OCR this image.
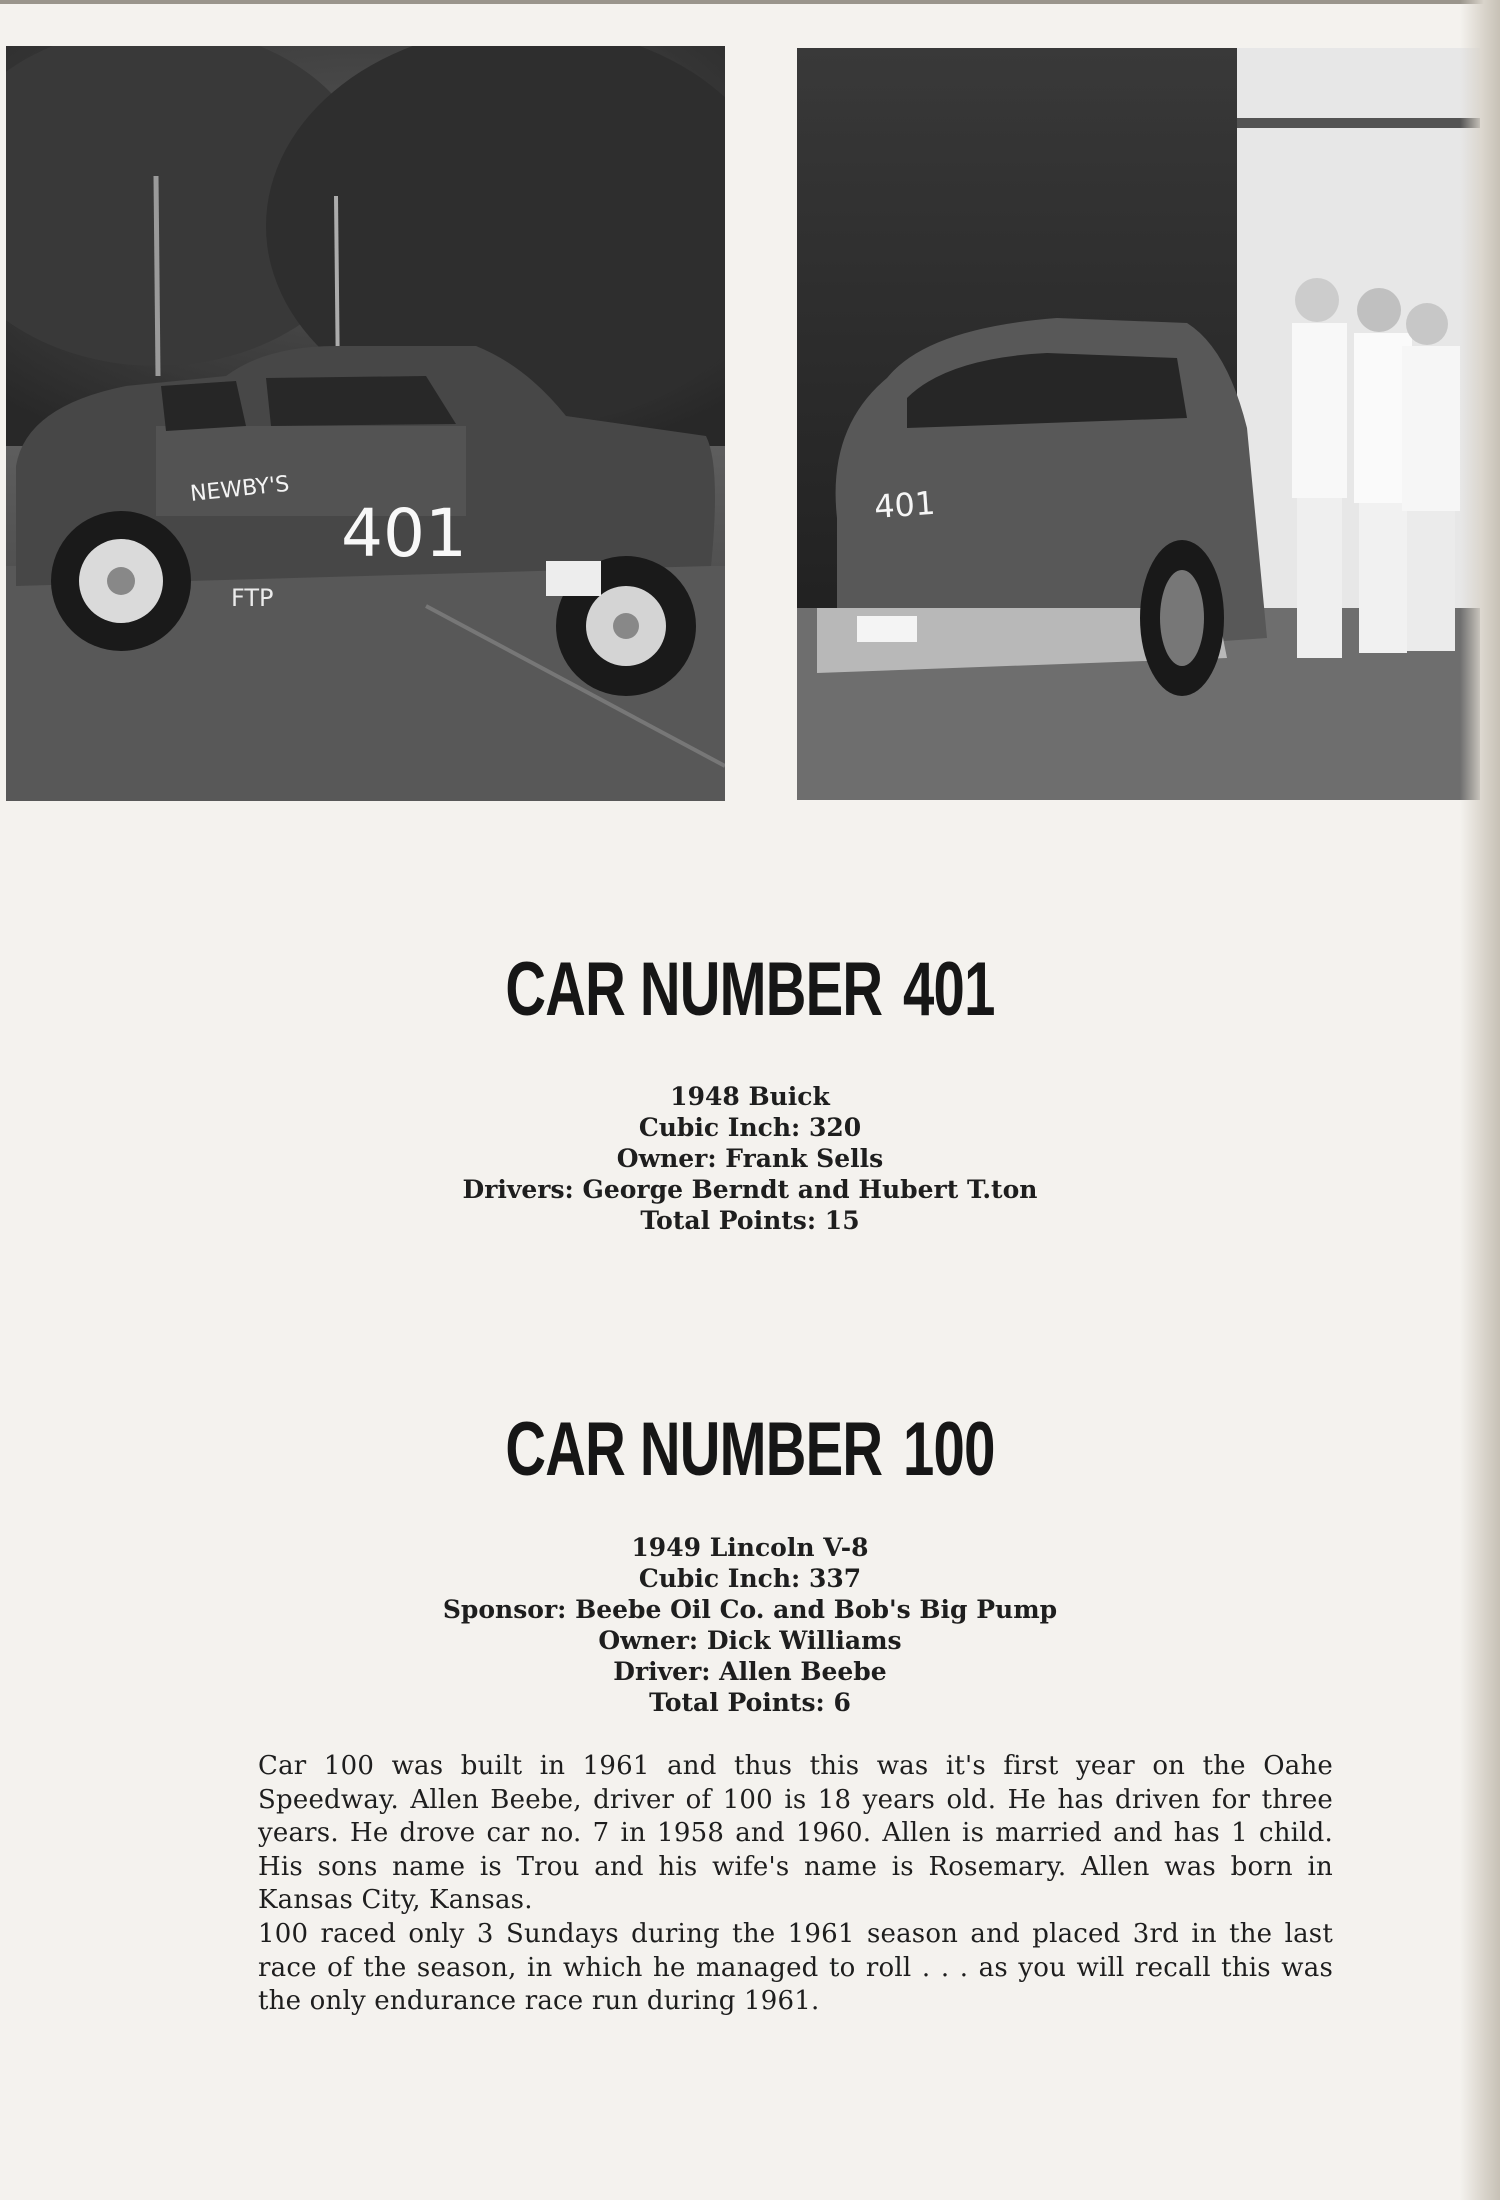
NEWBY'S
401
FTP
401
CAR NUMBER 401
1948 Buick
Cubic Inch: 320
Owner: Frank Sells
Drivers: George Berndt and Hubert T.ton
Total Points: 15
CAR NUMBER 100
1949 Lincoln V-8
Cubic Inch: 337
Sponsor: Beebe Oil Co. and Bob's Big Pump
Owner: Dick Williams
Driver: Allen Beebe
Total Points: 6

Car 100 was built in 1961 and thus this was it's first year on the Oahe Speedway. Allen Beebe, driver of 100 is 18 years old. He has driven for three years. He drove car no. 7 in 1958 and 1960. Allen is married and has 1 child. His sons name is Trou and his wife's name is Rosemary. Allen was born in Kansas City, Kansas.

100 raced only 3 Sundays during the 1961 season and placed 3rd in the last race of the season, in which he managed to roll . . . as you will recall this was the only endurance race run during 1961.
